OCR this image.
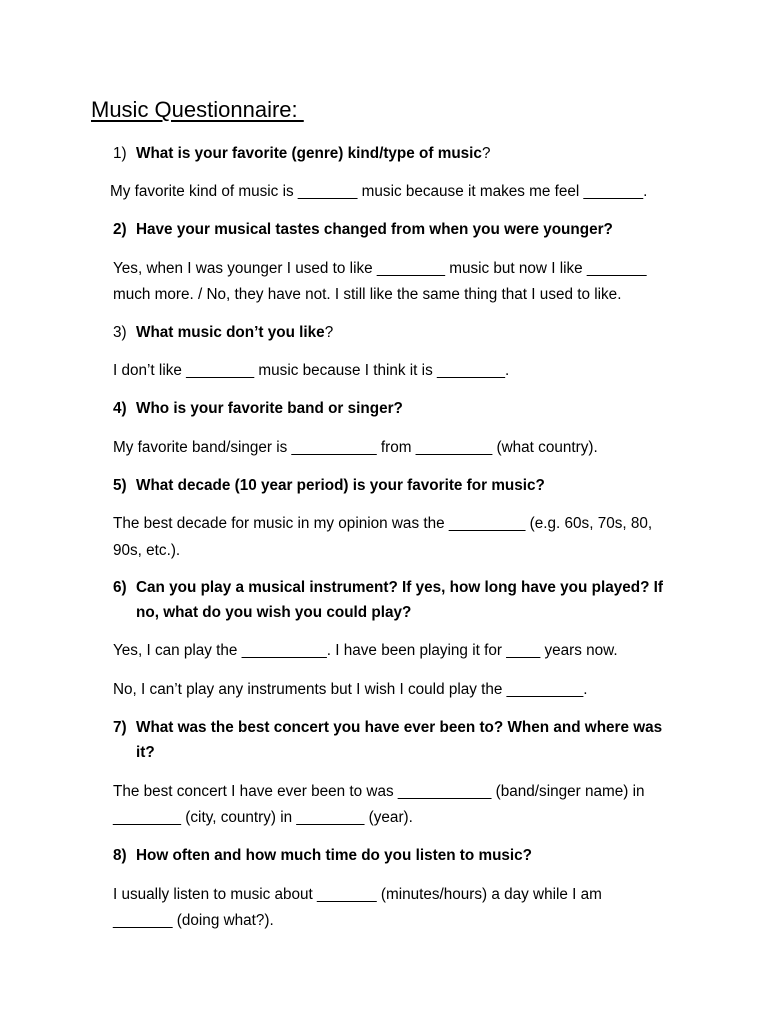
Music Questionnaire:
1) What is your favorite (genre) kind/type of music?
My favorite kind of music is _______ music because it makes me feel _______.
2) Have your musical tastes changed from when you were younger?
Yes, when I was younger I used to like ________ music but now I like _______
much more. / No, they have not. I still like the same thing that I used to like.
3) What music don’t you like?
I don’t like ________ music because I think it is ________.
4) Who is your favorite band or singer?
My favorite band/singer is __________ from _________ (what country).
5) What decade (10 year period) is your favorite for music?
The best decade for music in my opinion was the _________ (e.g. 60s, 70s, 80,
90s, etc.).
6) Can you play a musical instrument? If yes, how long have you played? If
no, what do you wish you could play?
Yes, I can play the __________. I have been playing it for ____ years now.
No, I can’t play any instruments but I wish I could play the _________.
7) What was the best concert you have ever been to? When and where was
it?
The best concert I have ever been to was ___________ (band/singer name) in
________ (city, country) in ________ (year).
8) How often and how much time do you listen to music?
I usually listen to music about _______ (minutes/hours) a day while I am
_______ (doing what?).
